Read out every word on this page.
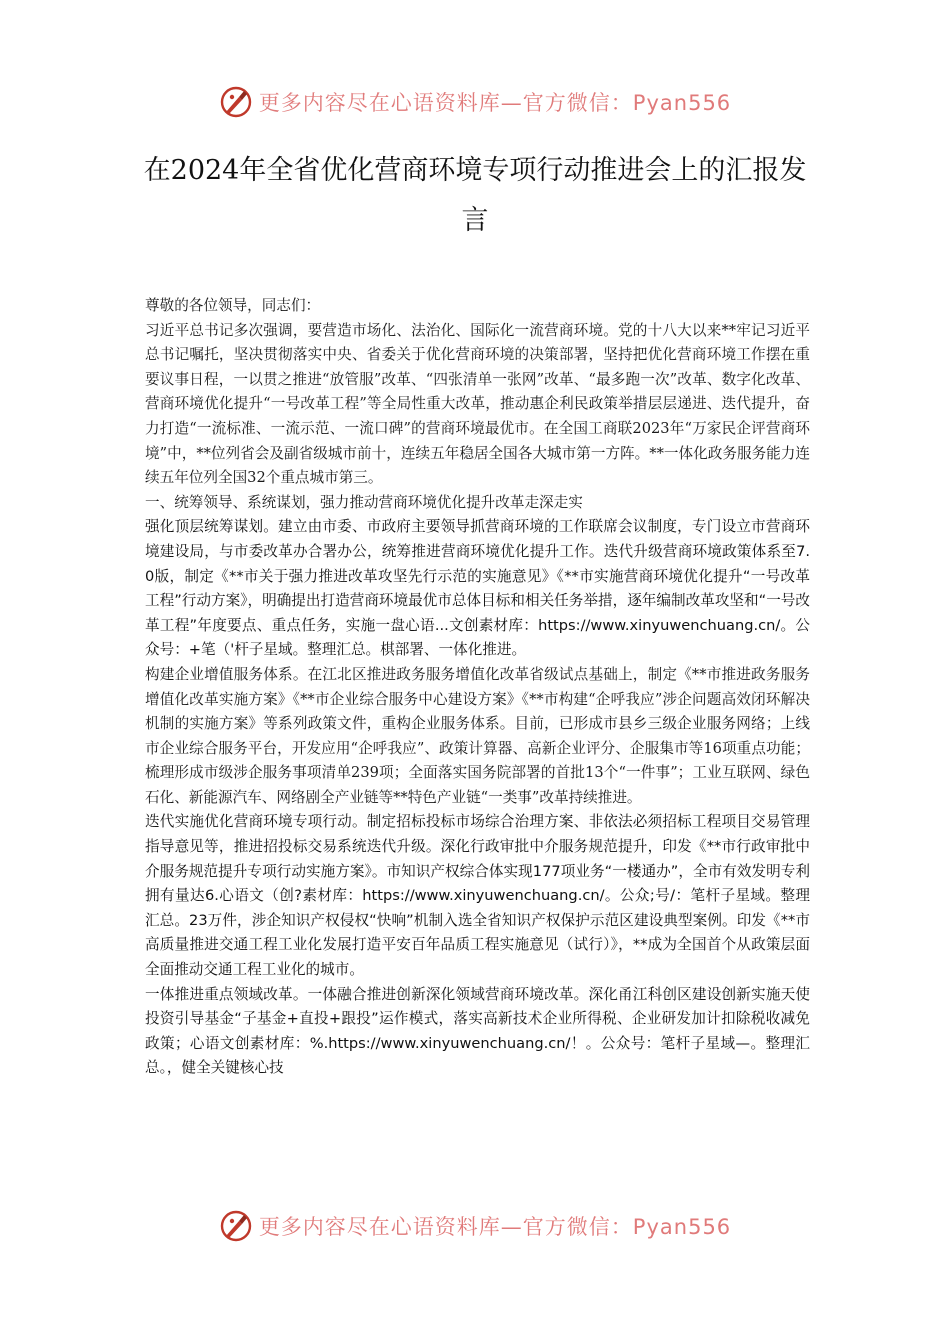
更多内容尽在心语资料库—官方微信：Pyan556
在2024年全省优化营商环境专项行动推进会上的汇报发言

尊敬的各位领导，同志们：

习近平总书记多次强调，要营造市场化、法治化、国际化一流营商环境。党的十八大以来**牢记习近平总书记嘱托，坚决贯彻落实中央、省委关于优化营商环境的决策部署，坚持把优化营商环境工作摆在重要议事日程，一以贯之推进“放管服”改革、“四张清单一张网”改革、“最多跑一次”改革、数字化改革、营商环境优化提升“一号改革工程”等全局性重大改革，推动惠企利民政策举措层层递进、迭代提升，奋力打造“一流标准、一流示范、一流口碑”的营商环境最优市。在全国工商联2023年“万家民企评营商环境”中，**位列省会及副省级城市前十，连续五年稳居全国各大城市第一方阵。**一体化政务服务能力连续五年位列全国32个重点城市第三。

一、统筹领导、系统谋划，强力推动营商环境优化提升改革走深走实

强化顶层统筹谋划。建立由市委、市政府主要领导抓营商环境的工作联席会议制度，专门设立市营商环境建设局，与市委改革办合署办公，统筹推进营商环境优化提升工作。迭代升级营商环境政策体系至7.0版，制定《**市关于强力推进改革攻坚先行示范的实施意见》《**市实施营商环境优化提升“一号改革工程”行动方案》，明确提出打造营商环境最优市总体目标和相关任务举措，逐年编制改革攻坚和“一号改革工程”年度要点、重点任务，实施一盘心语...文创素材库：https://www.xinyuwenchuang.cn/。公众号：+笔（'杆子星域。整理汇总。棋部署、一体化推进。

构建企业增值服务体系。在江北区推进政务服务增值化改革省级试点基础上，制定《**市推进政务服务增值化改革实施方案》《**市企业综合服务中心建设方案》《**市构建“企呼我应”涉企问题高效闭环解决机制的实施方案》等系列政策文件，重构企业服务体系。目前，已形成市县乡三级企业服务网络；上线市企业综合服务平台，开发应用“企呼我应”、政策计算器、高新企业评分、企服集市等16项重点功能；梳理形成市级涉企服务事项清单239项；全面落实国务院部署的首批13个“一件事”；工业互联网、绿色石化、新能源汽车、网络剧全产业链等**特色产业链“一类事”改革持续推进。

迭代实施优化营商环境专项行动。制定招标投标市场综合治理方案、非依法必须招标工程项目交易管理指导意见等，推进招投标交易系统迭代升级。深化行政审批中介服务规范提升，印发《**市行政审批中介服务规范提升专项行动实施方案》。市知识产权综合体实现177项业务“一楼通办”，全市有效发明专利拥有量达6.心语文（创?素材库：https://www.xinyuwenchuang.cn/。公众;号/：笔杆子星域。整理汇总。23万件，涉企知识产权侵权“快响”机制入选全省知识产权保护示范区建设典型案例。印发《**市高质量推进交通工程工业化发展打造平安百年品质工程实施意见（试行）》，**成为全国首个从政策层面全面推动交通工程工业化的城市。

一体推进重点领域改革。一体融合推进创新深化领域营商环境改革。深化甬江科创区建设创新实施天使投资引导基金“子基金+直投+跟投”运作模式，落实高新技术企业所得税、企业研发加计扣除税收减免政策；心语文创素材库：%.https://www.xinyuwenchuang.cn/！。公众号：笔杆子星域—。整理汇总。，健全关键核心技

更多内容尽在心语资料库—官方微信：Pyan556
